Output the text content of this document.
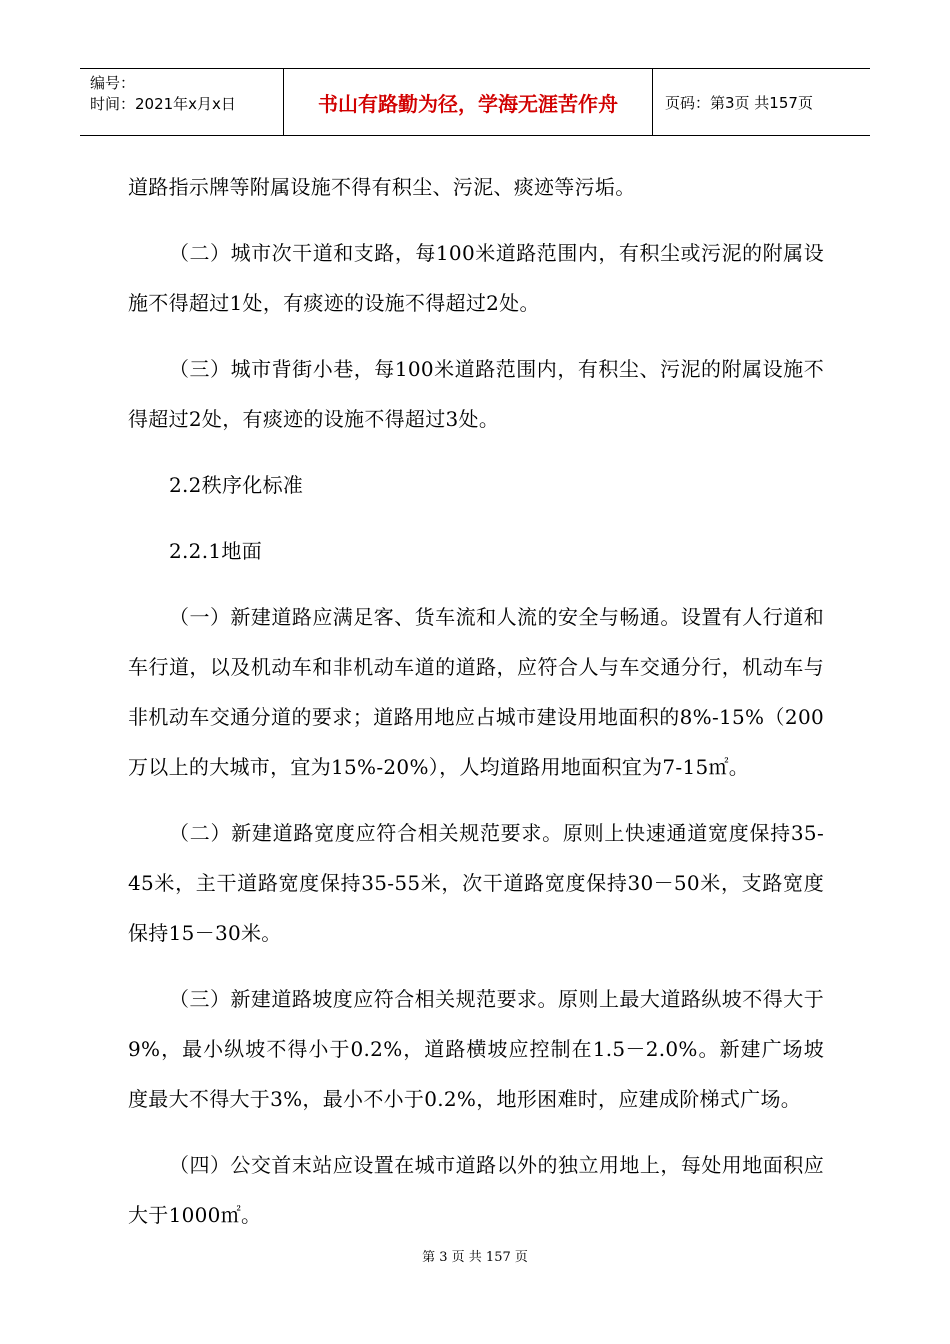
编号：
时间：2021年x月x日	书山有路勤为径，学海无涯苦作舟	页码：第3页 共157页

道路指示牌等附属设施不得有积尘、污泥、痰迹等污垢。

（二）城市次干道和支路，每100米道路范围内，有积尘或污泥的附属设施不得超过1处，有痰迹的设施不得超过2处。

（三）城市背街小巷，每100米道路范围内，有积尘、污泥的附属设施不得超过2处，有痰迹的设施不得超过3处。

2.2秩序化标准

2.2.1地面

（一）新建道路应满足客、货车流和人流的安全与畅通。设置有人行道和车行道，以及机动车和非机动车道的道路，应符合人与车交通分行，机动车与非机动车交通分道的要求；道路用地应占城市建设用地面积的8%-15%（200万以上的大城市，宜为15%-20%），人均道路用地面积宜为7-15㎡。

（二）新建道路宽度应符合相关规范要求。原则上快速通道宽度保持35-45米，主干道路宽度保持35-55米，次干道路宽度保持30－50米，支路宽度保持15－30米。

（三）新建道路坡度应符合相关规范要求。原则上最大道路纵坡不得大于9%，最小纵坡不得小于0.2%，道路横坡应控制在1.5－2.0%。新建广场坡度最大不得大于3%，最小不小于0.2%，地形困难时，应建成阶梯式广场。

（四）公交首末站应设置在城市道路以外的独立用地上，每处用地面积应大于1000㎡。

第 3 页 共 157 页
